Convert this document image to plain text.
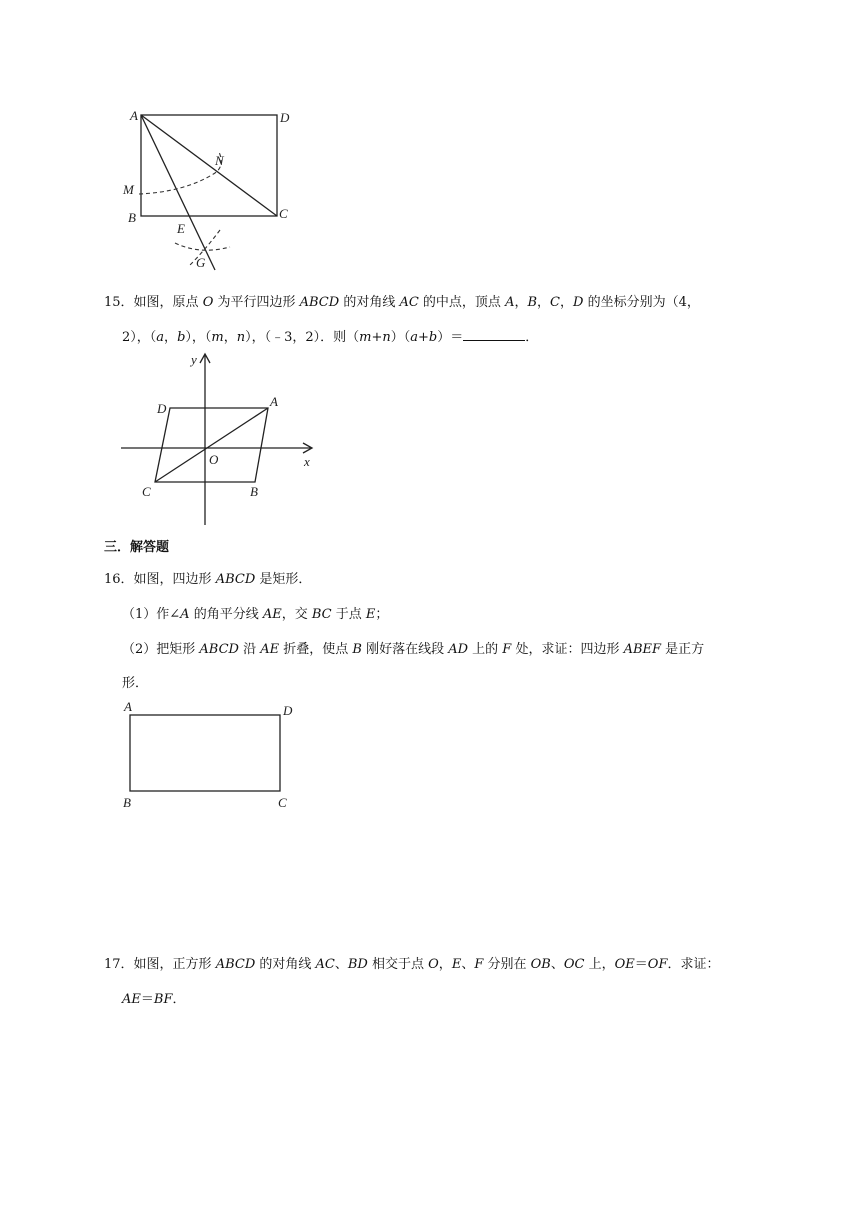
A	D
N
M
B	C
E
G
15．如图，原点 O 为平行四边形 ABCD 的对角线 AC 的中点，顶点 A，B，C，D 的坐标分别为（4，
2），（a，b），（m，n），（﹣3，2）．则（m+n）（a+b）＝	．
y
x
D	A
O
C	B
三．解答题
16．如图，四边形 ABCD 是矩形．
（1）作∠A 的角平分线 AE，交 BC 于点 E；
（2）把矩形 ABCD 沿 AE 折叠，使点 B 刚好落在线段 AD 上的 F 处，求证：四边形 ABEF 是正方
形．
A	D
B	C
17．如图，正方形 ABCD 的对角线 AC、BD 相交于点 O，E、F 分别在 OB、OC 上，OE＝OF．求证：
AE＝BF．
